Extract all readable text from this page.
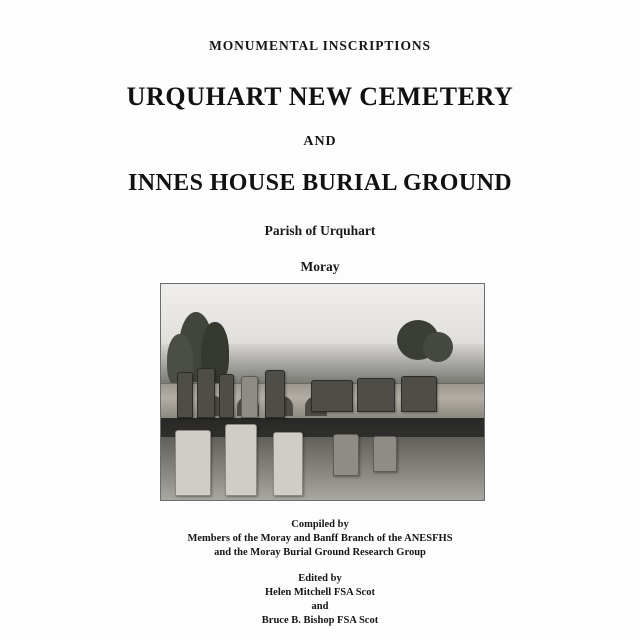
MONUMENTAL INSCRIPTIONS
URQUHART NEW CEMETERY
AND
INNES HOUSE BURIAL GROUND
Parish of Urquhart
Moray
Compiled by
Members of the Moray and Banff Branch of the ANESFHS
and the Moray Burial Ground Research Group
Edited by
Helen Mitchell FSA Scot
and
Bruce B. Bishop FSA Scot
